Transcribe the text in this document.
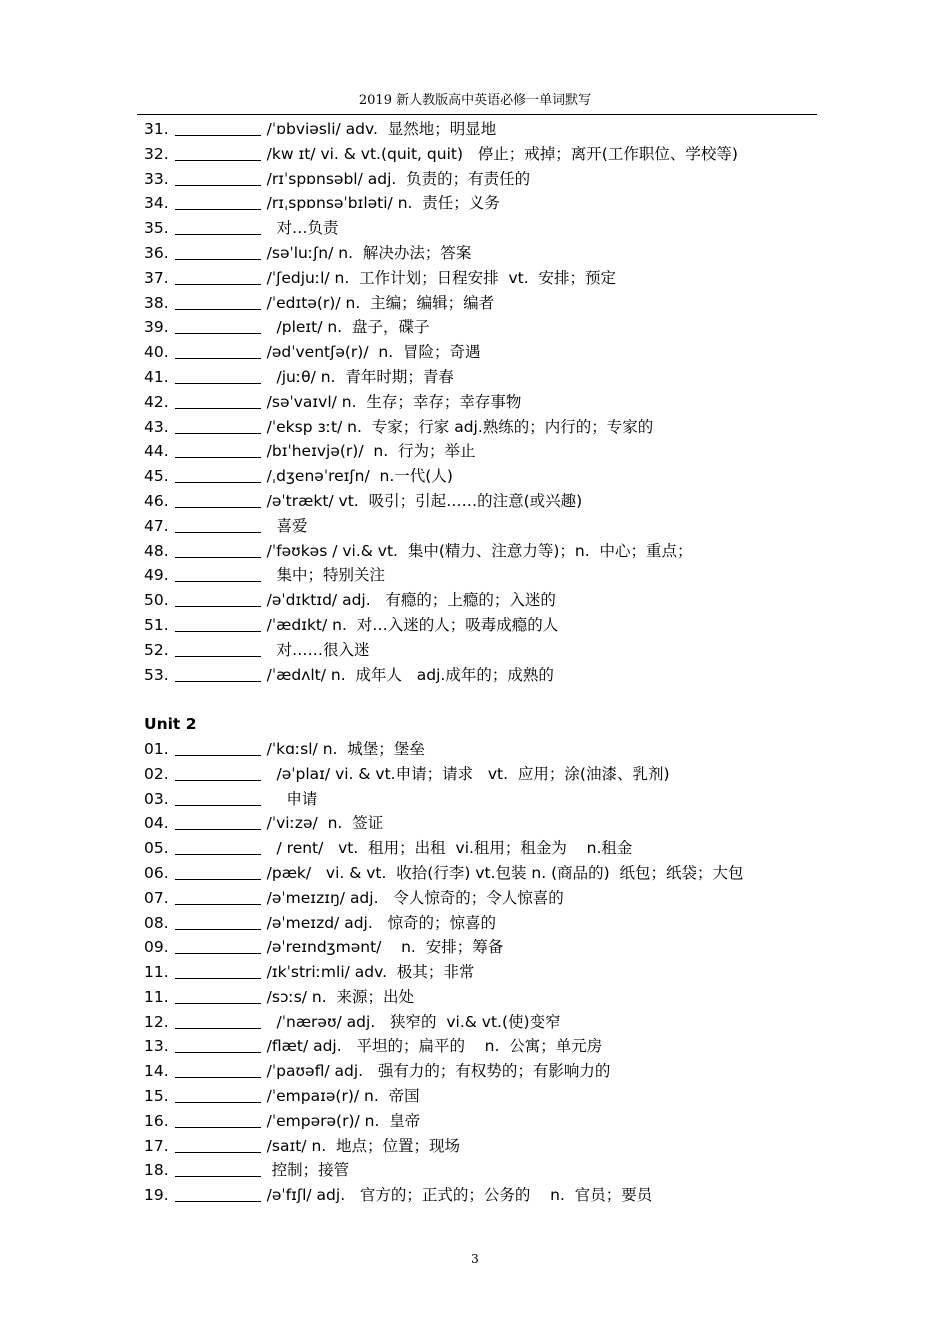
2019 新人教版高中英语必修一单词默写
31.	/ˈɒbviəsli/ adv.  显然地；明显地
32.	/kw ɪt/ vi. & vt.(quit, quit)   停止；戒掉；离开(工作职位、学校等)
33.	/rɪˈspɒnsəbl/ adj.  负责的；有责任的
34.	/rɪˌspɒnsəˈbɪləti/ n.  责任；义务
35.	对…负责
36.	/səˈluːʃn/ n.  解决办法；答案
37.	/ˈʃedjuːl/ n.  工作计划；日程安排  vt.  安排；预定
38.	/ˈedɪtə(r)/ n.  主编；编辑；编者
39.	/pleɪt/ n.  盘子，碟子
40.	/ədˈventʃə(r)/  n.  冒险；奇遇
41.	/juːθ/ n.  青年时期；青春
42.	/səˈvaɪvl/ n.  生存；幸存；幸存事物
43.	/ˈeksp ɜːt/ n.  专家；行家 adj.熟练的；内行的；专家的
44.	/bɪˈheɪvjə(r)/  n.  行为；举止
45.	/ˌdʒenəˈreɪʃn/  n.一代(人)
46.	/əˈtrækt/ vt.  吸引；引起……的注意(或兴趣)
47.	喜爱
48.	/ˈfəʊkəs / vi.& vt.  集中(精力、注意力等)；n.  中心；重点；
49.	集中；特别关注
50.	/əˈdɪktɪd/ adj.   有瘾的；上瘾的；入迷的
51.	/ˈædɪkt/ n.  对…入迷的人；吸毒成瘾的人
52.	对……很入迷
53.	/ˈædʌlt/ n.  成年人   adj.成年的；成熟的
Unit 2
01.	/ˈkɑːsl/ n.  城堡；堡垒
02.	/əˈplaɪ/ vi. & vt.申请；请求   vt.  应用；涂(油漆、乳剂)
03.	申请
04.	/ˈviːzə/  n.  签证
05.	/ rent/   vt.  租用；出租  vi.租用；租金为    n.租金
06.	/pæk/   vi. & vt.  收拾(行李) vt.包装 n. (商品的)  纸包；纸袋；大包
07.	/əˈmeɪzɪŋ/ adj.   令人惊奇的；令人惊喜的
08.	/əˈmeɪzd/ adj.   惊奇的；惊喜的
09.	/əˈreɪndʒmənt/    n.  安排；筹备
11.	/ɪkˈstriːmli/ adv.  极其；非常
11.	/sɔːs/ n.  来源；出处
12.	/ˈnærəʊ/ adj.   狭窄的  vi.& vt.(使)变窄
13.	/flæt/ adj.   平坦的；扁平的    n.  公寓；单元房
14.	/ˈpaʊəfl/ adj.   强有力的；有权势的；有影响力的
15.	/ˈempaɪə(r)/ n.  帝国
16.	/ˈempərə(r)/ n.  皇帝
17.	/saɪt/ n.  地点；位置；现场
18.	控制；接管
19.	/əˈfɪʃl/ adj.   官方的；正式的；公务的    n.  官员；要员
3
